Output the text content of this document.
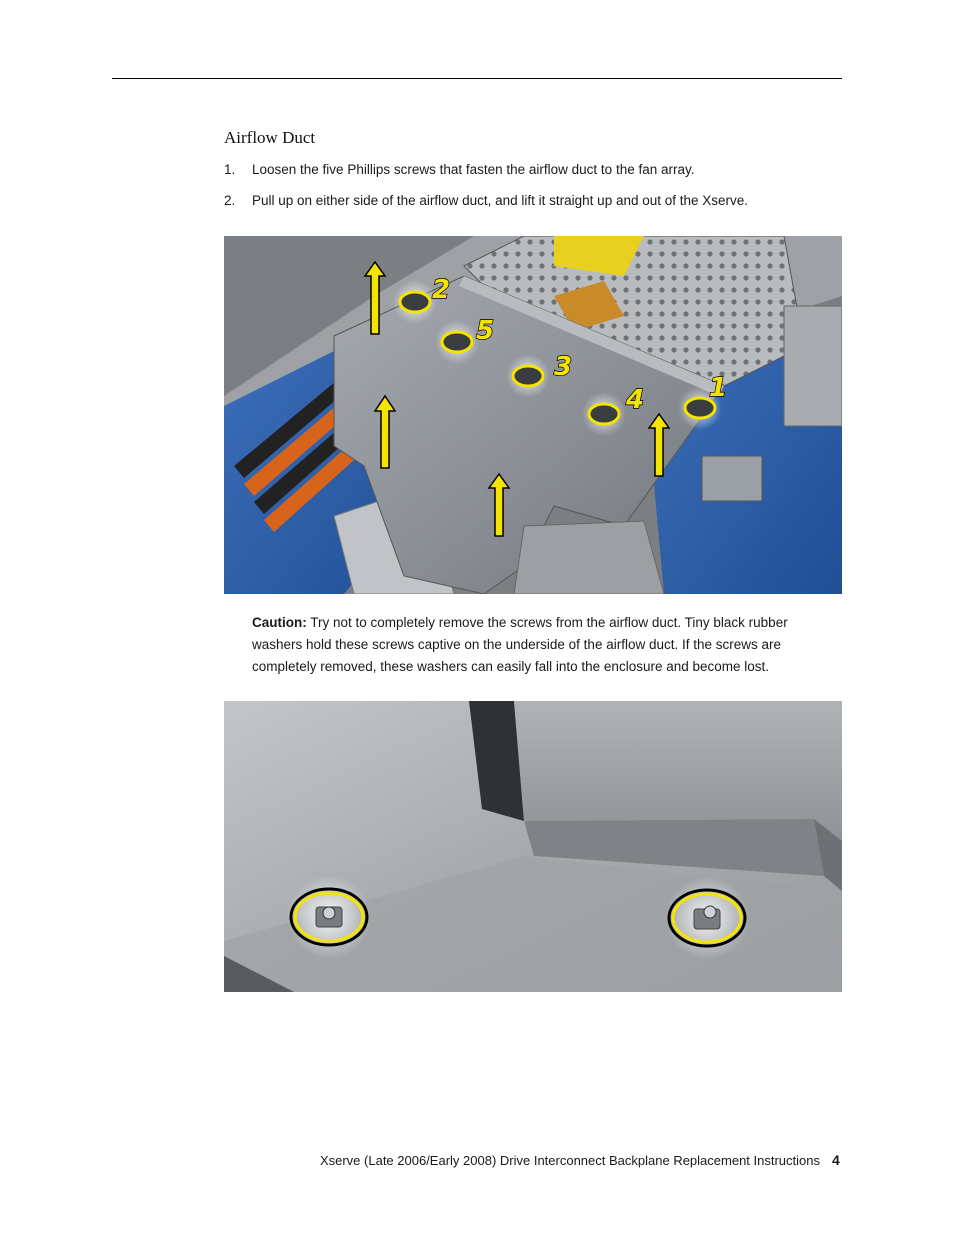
Airflow Duct
1. Loosen the five Phillips screws that fasten the airflow duct to the fan array.
2. Pull up on either side of the airflow duct, and lift it straight up and out of the Xserve.
1
2
3
4
5
Caution: Try not to completely remove the screws from the airflow duct. Tiny black rubber washers hold these screws captive on the underside of the airflow duct. If the screws are completely removed, these washers can easily fall into the enclosure and become lost.
Xserve (Late 2006/Early 2008) Drive Interconnect Backplane Replacement Instructions 4
